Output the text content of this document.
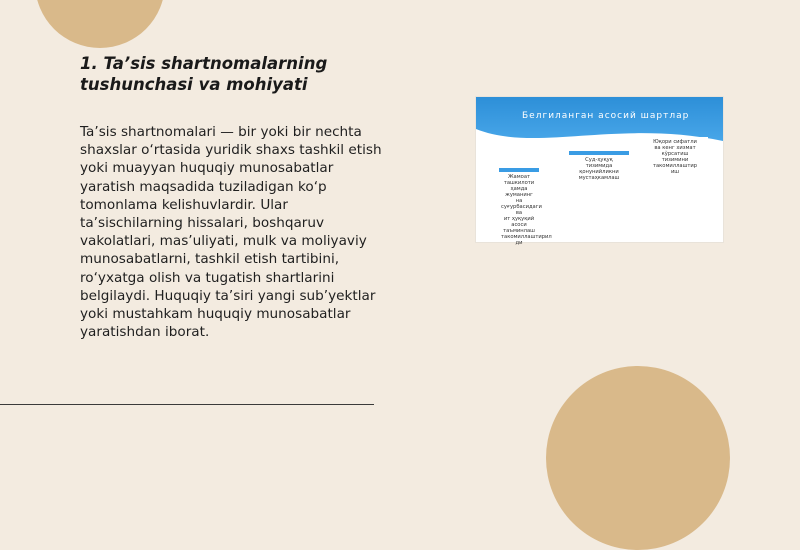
1. Ta’sis shartnomalarning
tushunchasi va mohiyati
Ta’sis shartnomalari — bir yoki bir nechta
shaxslar o‘rtasida yuridik shaxs tashkil etish
yoki muayyan huquqiy munosabatlar
yaratish maqsadida tuziladigan ko‘p
tomonlama kelishuvlardir. Ular
ta’sischilarning hissalari, boshqaruv
vakolatlari, mas’uliyati, mulk va moliyaviy
munosabatlarni, tashkil etish tartibini,
ro‘yxatga olish va tugatish shartlarini
belgilaydi. Huquqiy ta’siri yangi sub’yektlar
yoki mustahkam huquqiy munosabatlar
yaratishdan iborat.
Белгиланган асосий шартлар
Юқори сифатли
ва кенг хизмат
кўрсатиш
тизимини
такомиллаштир
иш
Суд-ҳуқуқ
тизимида
қонунийликни
мустаҳкамлаш
Жамоат ташкилоти
ҳамда жуманинг
на
суғурбасидаги ва
ит ҳуқуқий асоси
таъминлаш
такомиллаштирил
ди
